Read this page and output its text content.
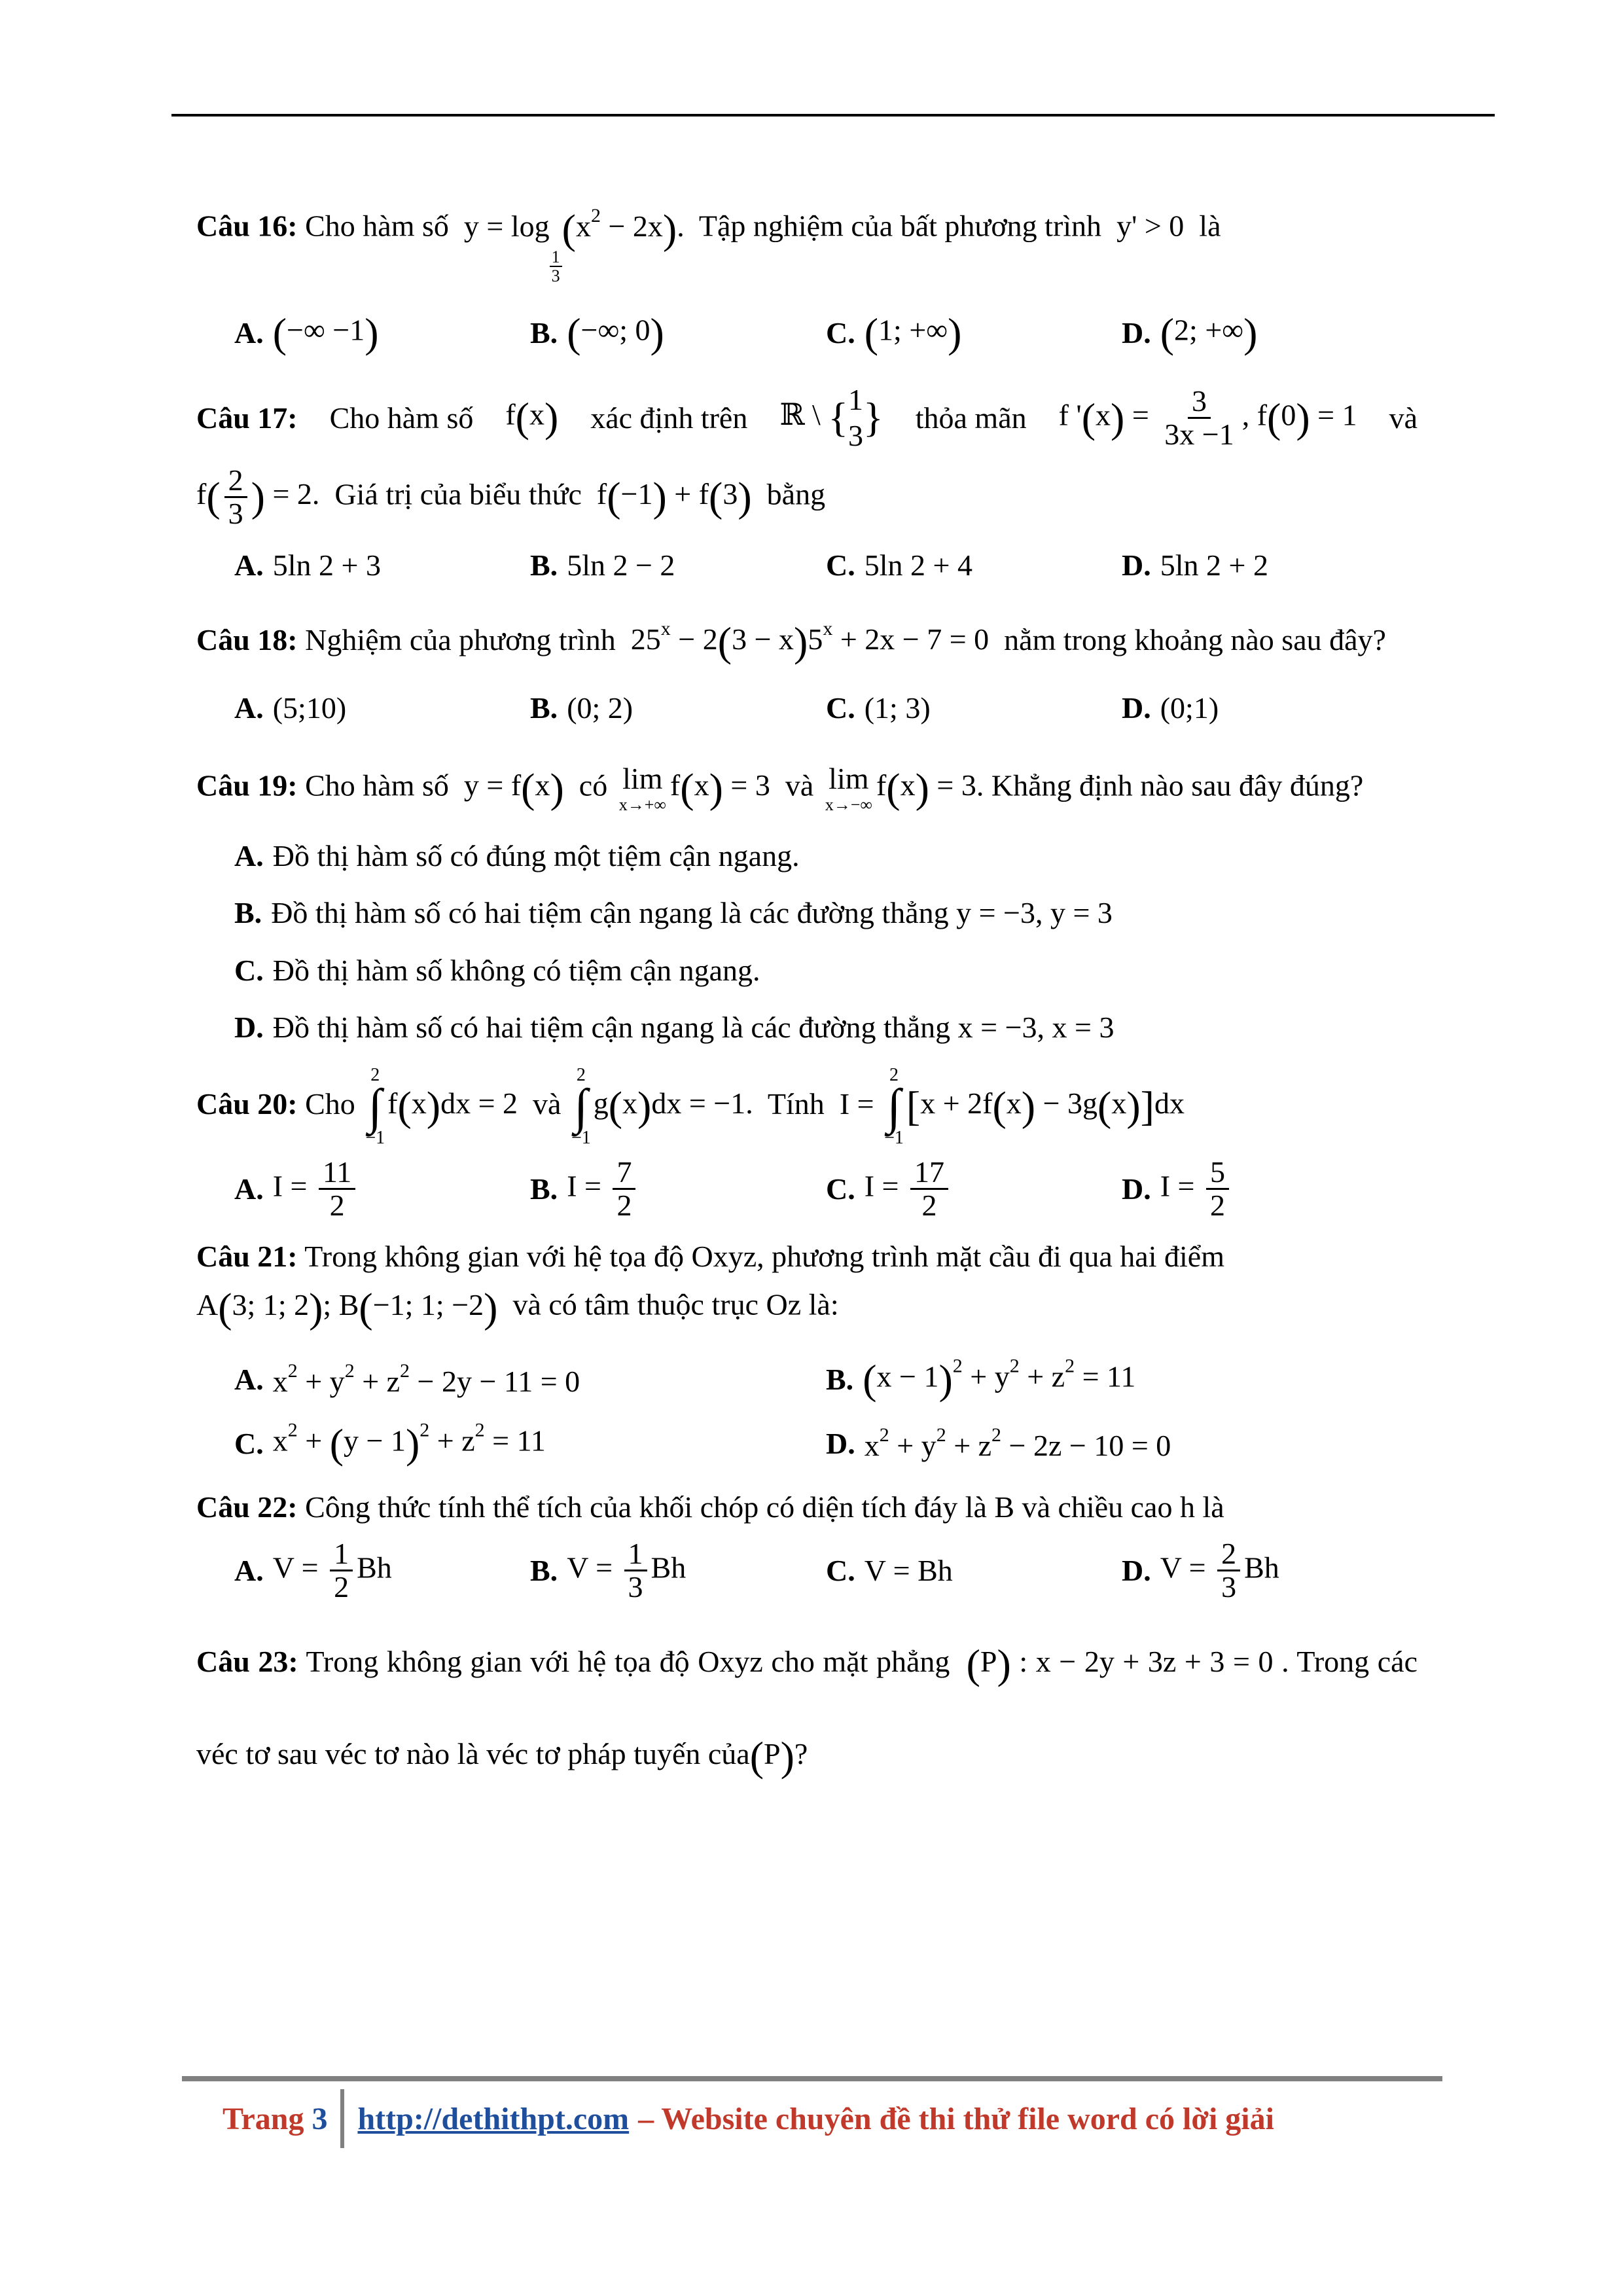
Câu 16: Cho hàm số  y = log
$\frac{1}{3}$
$(x^2 - 2x)$.  Tập nghiệm của bất phương trình  y' > 0  là
A. (−∞ −1)	B. (−∞; 0)	C. (1; +∞)	D. (2; +∞)
Câu 17: Cho hàm số f(x) xác định trên ℝ \ { 1
3 } thỏa mãn f '$(x) = \frac{3}{3x -1}$ , f(0) = 1 và
$f( \frac{2}{3}$ ) = 2.  Giá trị của biểu thức  f(−1) + f(3) bằng
A. 5ln 2 + 3	B. 5ln 2 − 2	C. 5ln 2 + 4	D. 5ln 2 + 2
Câu 18: Nghiệm của phương trình  $25^x - 2(3 - x)5^x + 2x - 7 = 0$  nằm trong khoảng nào sau đây?
A. (5;10)	B. (0; 2)	C. (1; 3)	D. (0;1)
Câu 19: Cho hàm số  y = f(x) có lim
x→+∞
f(x) = 3  và lim
x→−∞
f(x) = 3. Khẳng định nào sau đây đúng?
A. Đồ thị hàm số có đúng một tiệm cận ngang.
B. Đồ thị hàm số có hai tiệm cận ngang là các đường thẳng y = −3, y = 3
C. Đồ thị hàm số không có tiệm cận ngang.
D. Đồ thị hàm số có hai tiệm cận ngang là các đường thẳng x = −3, x = 3
Câu 20: Cho
2
∫
−1
f(x)dx = 2  và
2
∫
−1
g(x)dx = −1.  Tính  I =
2
∫
−1
[x + 2f(x) − 3g(x)]dx
A. $I = \frac{11}{2}$	B. $I = \frac{7}{2}$	C. $I = \frac{17}{2}$	D. $I = \frac{5}{2}$
Câu 21: Trong không gian với hệ tọa độ Oxyz, phương trình mặt cầu đi qua hai điểm
A(3; 1; 2); B(−1; 1; −2) và có tâm thuộc trục Oz là:
A. $x^2 + y^2 + z^2 - 2y - 11 = 0$	B. $(x - 1)^2 + y^2 + z^2 = 11$
C. $x^2 + (y - 1)^2 + z^2 = 11$	D. $x^2 + y^2 + z^2 - 2z - 10 = 0$
Câu 22: Công thức tính thể tích của khối chóp có diện tích đáy là B và chiều cao h là
A. $V = \frac{1}{2}$ Bh	B. $V = \frac{1}{3}$ Bh	C. V = Bh	D. $V = \frac{2}{3}$ Bh
Câu 23: Trong không gian với hệ tọa độ Oxyz cho mặt phẳng (P) : x − 2y + 3z + 3 = 0 . Trong các véc tơ sau véc tơ nào là véc tơ pháp tuyến của(P)?
Trang 3 http://dethithpt.com – Website chuyên đề thi thử file word có lời giải
